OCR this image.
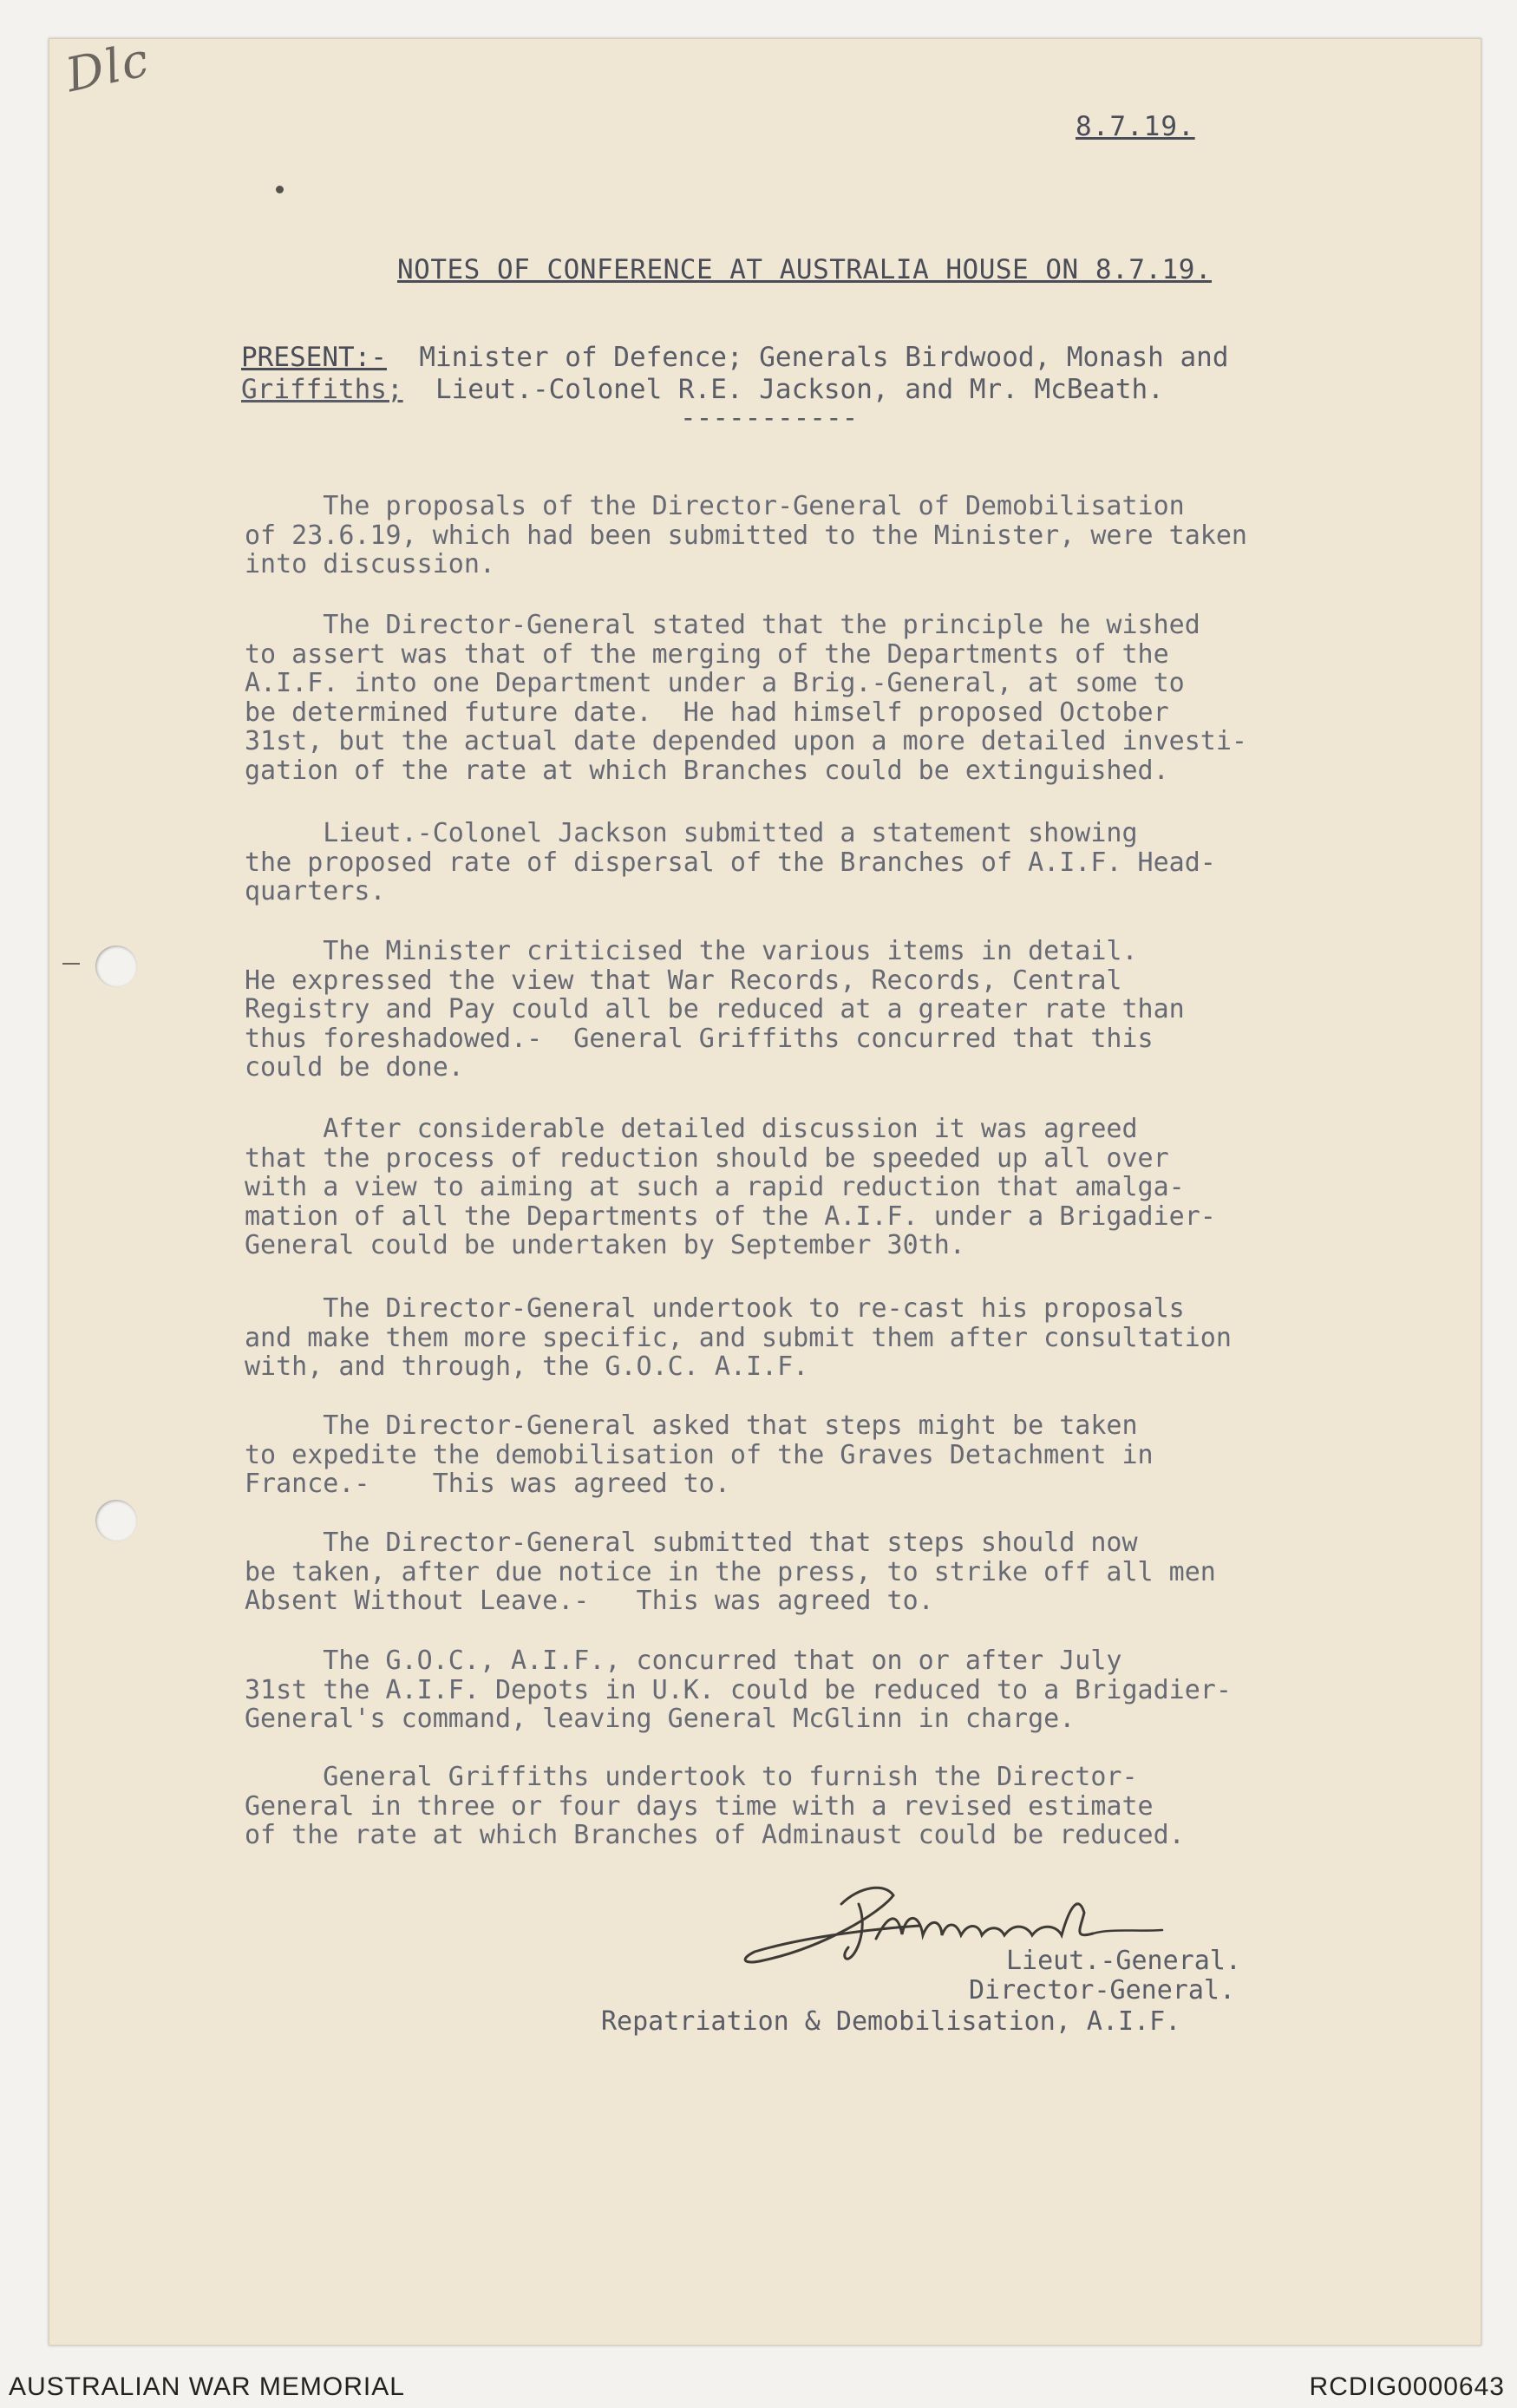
Dlc
8.7.19.
NOTES OF CONFERENCE AT AUSTRALIA HOUSE ON 8.7.19.
PRESENT:- Minister of Defence; Generals Birdwood, Monash and
Griffiths; Lieut.-Colonel R.E. Jackson, and Mr. McBeath.
-----------
The proposals of the Director-General of Demobilisation
of 23.6.19, which had been submitted to the Minister, were taken
into discussion.
The Director-General stated that the principle he wished
to assert was that of the merging of the Departments of the
A.I.F. into one Department under a Brig.-General, at some to
be determined future date.  He had himself proposed October
31st, but the actual date depended upon a more detailed investi-
gation of the rate at which Branches could be extinguished.
Lieut.-Colonel Jackson submitted a statement showing
the proposed rate of dispersal of the Branches of A.I.F. Head-
quarters.
The Minister criticised the various items in detail.
He expressed the view that War Records, Records, Central
Registry and Pay could all be reduced at a greater rate than
thus foreshadowed.-  General Griffiths concurred that this
could be done.
After considerable detailed discussion it was agreed
that the process of reduction should be speeded up all over
with a view to aiming at such a rapid reduction that amalga-
mation of all the Departments of the A.I.F. under a Brigadier-
General could be undertaken by September 30th.
The Director-General undertook to re-cast his proposals
and make them more specific, and submit them after consultation
with, and through, the G.O.C. A.I.F.
The Director-General asked that steps might be taken
to expedite the demobilisation of the Graves Detachment in
France.-    This was agreed to.
The Director-General submitted that steps should now
be taken, after due notice in the press, to strike off all men
Absent Without Leave.-   This was agreed to.
The G.O.C., A.I.F., concurred that on or after July
31st the A.I.F. Depots in U.K. could be reduced to a Brigadier-
General's command, leaving General McGlinn in charge.
General Griffiths undertook to furnish the Director-
General in three or four days time with a revised estimate
of the rate at which Branches of Adminaust could be reduced.
Lieut.-General.
Director-General.
Repatriation & Demobilisation, A.I.F.
AUSTRALIAN WAR MEMORIAL	RCDIG0000643
